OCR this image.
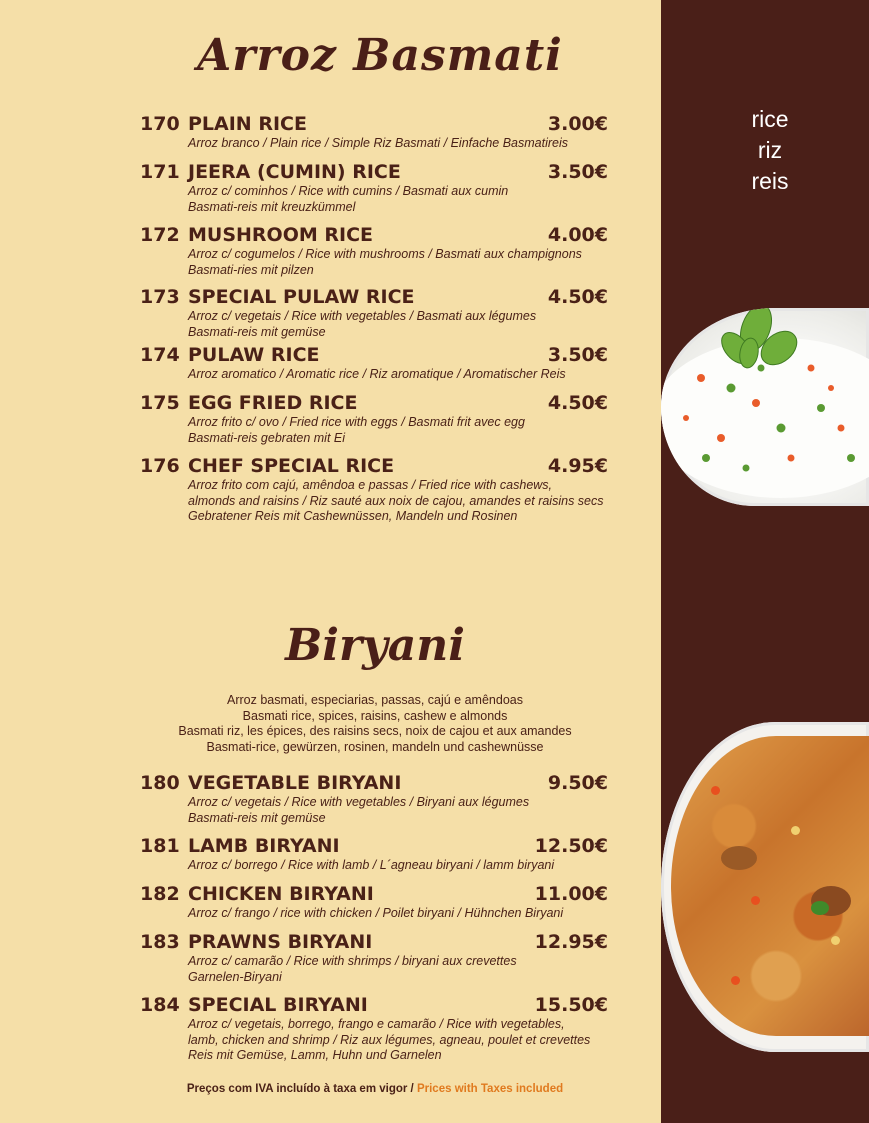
rice
riz
reis
Arroz Basmati
170 PLAIN RICE	3.00€
Arroz branco / Plain rice / Simple Riz Basmati / Einfache Basmatireis
171 JEERA (CUMIN) RICE	3.50€
Arroz c/ cominhos / Rice with cumins / Basmati aux cumin
Basmati-reis mit kreuzkümmel
172 MUSHROOM RICE	4.00€
Arroz c/ cogumelos / Rice with mushrooms / Basmati aux champignons
Basmati-ries mit pilzen
173 SPECIAL PULAW RICE	4.50€
Arroz c/ vegetais / Rice with vegetables / Basmati aux légumes
Basmati-reis mit gemüse
174 PULAW RICE	3.50€
Arroz aromatico / Aromatic rice / Riz aromatique / Aromatischer Reis
175 EGG FRIED RICE	4.50€
Arroz frito c/ ovo / Fried rice with eggs / Basmati frit avec egg
Basmati-reis gebraten mit Ei
176 CHEF SPECIAL RICE	4.95€
Arroz frito com cajú, amêndoa e passas / Fried rice with cashews,
almonds and raisins / Riz sauté aux noix de cajou, amandes et raisins secs
Gebratener Reis mit Cashewnüssen, Mandeln und Rosinen
Biryani
Arroz basmati, especiarias, passas, cajú e amêndoas
Basmati rice, spices, raisins, cashew e almonds
Basmati riz, les épices, des raisins secs, noix de cajou et aux amandes
Basmati-rice, gewürzen, rosinen, mandeln und cashewnüsse
180 VEGETABLE BIRYANI	9.50€
Arroz c/ vegetais / Rice with vegetables / Biryani aux légumes
Basmati-reis mit gemüse
181 LAMB BIRYANI	12.50€
Arroz c/ borrego / Rice with lamb / L´agneau biryani / lamm biryani
182 CHICKEN BIRYANI	11.00€
Arroz c/ frango / rice with chicken / Poilet biryani / Hühnchen Biryani
183 PRAWNS BIRYANI	12.95€
Arroz c/ camarão / Rice with shrimps / biryani aux crevettes
Garnelen-Biryani
184 SPECIAL BIRYANI	15.50€
Arroz c/ vegetais, borrego, frango e camarão / Rice with vegetables,
lamb, chicken and shrimp / Riz aux légumes, agneau, poulet et crevettes
Reis mit Gemüse, Lamm, Huhn und Garnelen
Preços com IVA incluído à taxa em vigor / Prices with Taxes included
